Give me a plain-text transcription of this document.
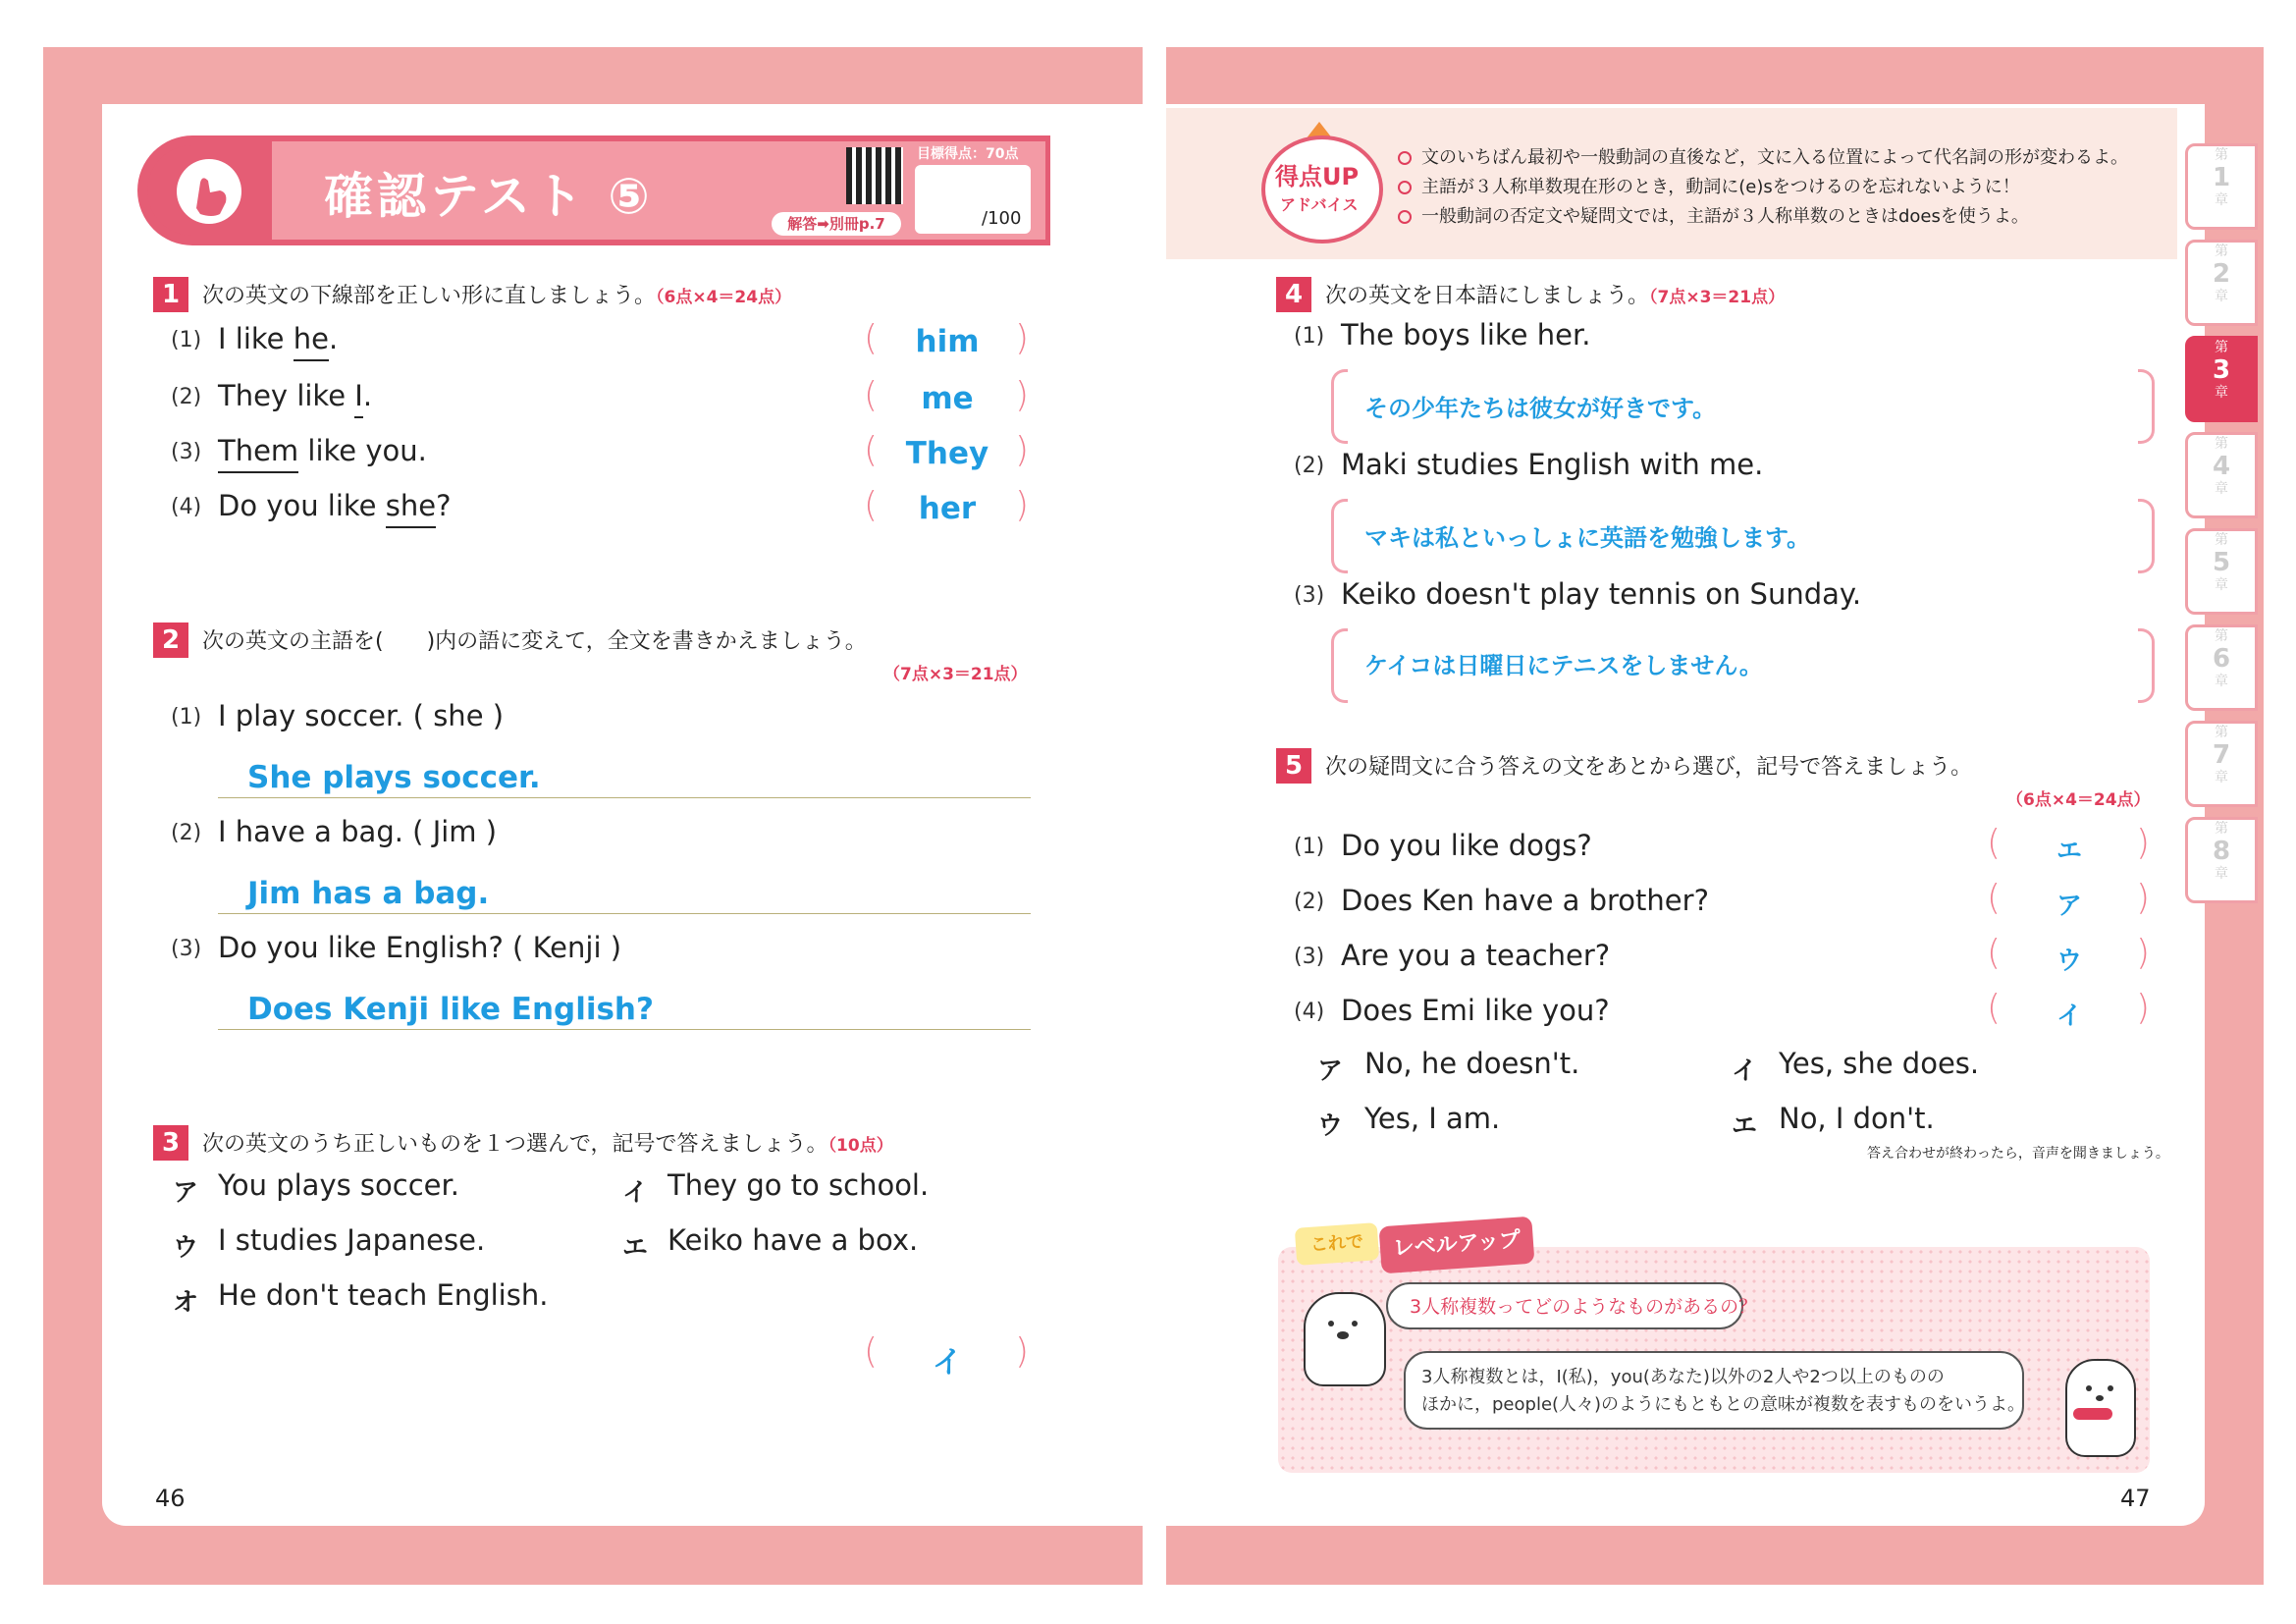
確認テスト ⑤	解答➡別冊p.7
目標得点：70点
/100
1	次の英文の下線部を正しい形に直しましょう。（6点×4＝24点）
(1) I like he.	(	him	)
(2) They like I.	(	me	)
(3) Them like you.	( They )
(4) Do you like she?	(	her	)
2	次の英文の主語を(　　)内の語に変えて，全文を書きかえましょう。
（7点×3＝21点）
(1) I play soccer. ( she )
She plays soccer.
(2) I have a bag. ( Jim )
Jim has a bag.
(3) Do you like English? ( Kenji )
Does Kenji like English?
3	次の英文のうち正しいものを１つ選んで，記号で答えましょう。（10点）
ア You plays soccer.	イ They go to school.
ウ I studies Japanese.	エ Keiko have a box.
オ He don't teach English.
(	イ	)
46
得点UP
アドバイス
文のいちばん最初や一般動詞の直後など，文に入る位置によって代名詞の形が変わるよ。
主語が３人称単数現在形のとき，動詞に(e)sをつけるのを忘れないように！
一般動詞の否定文や疑問文では，主語が３人称単数のときはdoesを使うよ。
第
1
章
第
2
章
第
3
章
第
4
章
第
5
章
第
6
章
第
7
章
第
8
章
4	次の英文を日本語にしましょう。（7点×3＝21点）
(1) The boys like her.
その少年たちは彼女が好きです。
(2) Maki studies English with me.
マキは私といっしょに英語を勉強します。
(3) Keiko doesn't play tennis on Sunday.
ケイコは日曜日にテニスをしません。
5	次の疑問文に合う答えの文をあとから選び，記号で答えましょう。
（6点×4＝24点）
(1) Do you like dogs?	(	エ	)
(2) Does Ken have a brother?	(	ア	)
(3) Are you a teacher?	(	ウ	)
(4) Does Emi like you?	(	イ	)
ア No, he doesn't.	イ Yes, she does.
ウ Yes, I am.	エ No, I don't.
答え合わせが終わったら，音声を聞きましょう。
これで	レベルアップ
3人称複数ってどのようなものがあるの？
3人称複数とは，I(私)，you(あなた)以外の2人や2つ以上のものの
ほかに，people(人々)のようにもともとの意味が複数を表すものをいうよ。
47
